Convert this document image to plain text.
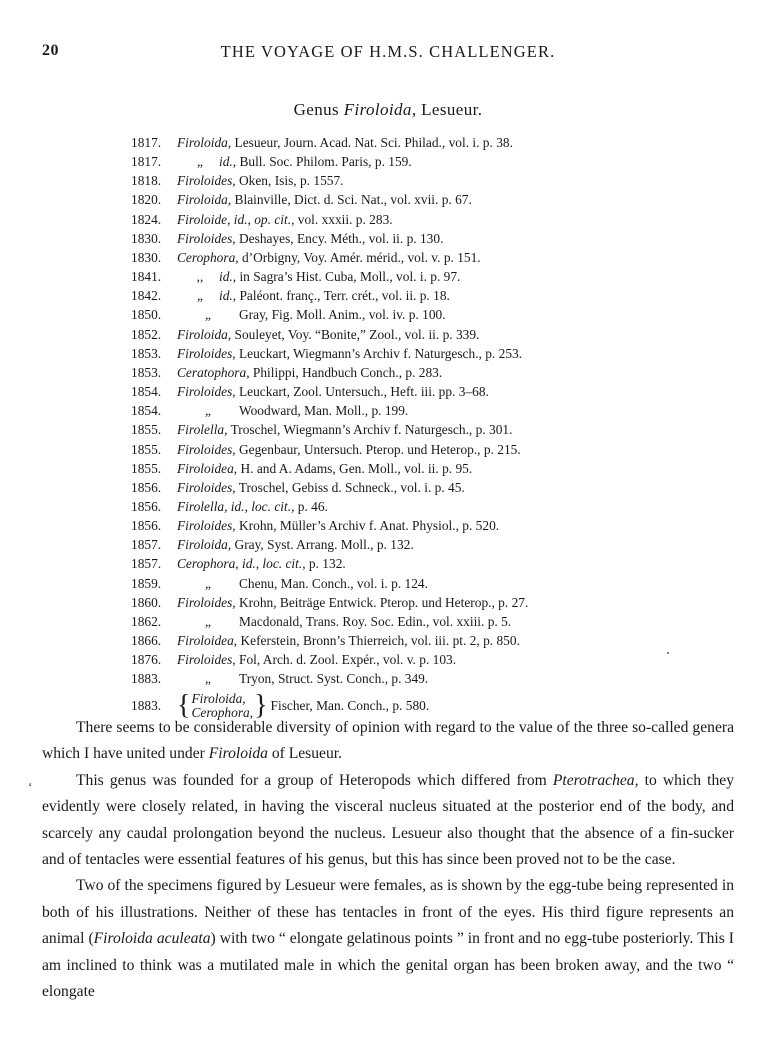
20	THE VOYAGE OF H.M.S. CHALLENGER.
Genus Firoloida, Lesueur.
1817. Firoloida, Lesueur, Journ. Acad. Nat. Sci. Philad., vol. i. p. 38.
1817.	„ id., Bull. Soc. Philom. Paris, p. 159.
1818. Firoloides, Oken, Isis, p. 1557.
1820. Firoloida, Blainville, Dict. d. Sci. Nat., vol. xvii. p. 67.
1824. Firoloide, id., op. cit., vol. xxxii. p. 283.
1830. Firoloides, Deshayes, Ency. Méth., vol. ii. p. 130.
1830. Cerophora, d’Orbigny, Voy. Amér. mérid., vol. v. p. 151.
1841.	,, id., in Sagra’s Hist. Cuba, Moll., vol. i. p. 97.
1842.	„ id., Paléont. franç., Terr. crét., vol. ii. p. 18.
1850.	„ Gray, Fig. Moll. Anim., vol. iv. p. 100.
1852. Firoloida, Souleyet, Voy. “Bonite,” Zool., vol. ii. p. 339.
1853. Firoloides, Leuckart, Wiegmann’s Archiv f. Naturgesch., p. 253.
1853. Ceratophora, Philippi, Handbuch Conch., p. 283.
1854. Firoloides, Leuckart, Zool. Untersuch., Heft. iii. pp. 3–68.
1854.	„ Woodward, Man. Moll., p. 199.
1855. Firolella, Troschel, Wiegmann’s Archiv f. Naturgesch., p. 301.
1855. Firoloides, Gegenbaur, Untersuch. Pterop. und Heterop., p. 215.
1855. Firoloidea, H. and A. Adams, Gen. Moll., vol. ii. p. 95.
1856. Firoloides, Troschel, Gebiss d. Schneck., vol. i. p. 45.
1856. Firolella, id., loc. cit., p. 46.
1856. Firoloides, Krohn, Müller’s Archiv f. Anat. Physiol., p. 520.
1857. Firoloida, Gray, Syst. Arrang. Moll., p. 132.
1857. Cerophora, id., loc. cit., p. 132.
1859.	„ Chenu, Man. Conch., vol. i. p. 124.
1860. Firoloides, Krohn, Beiträge Entwick. Pterop. und Heterop., p. 27.
1862.	„ Macdonald, Trans. Roy. Soc. Edin., vol. xxiii. p. 5.
1866. Firoloidea, Keferstein, Bronn’s Thierreich, vol. iii. pt. 2, p. 850.
1876. Firoloides, Fol, Arch. d. Zool. Expér., vol. v. p. 103.
1883.	„ Tryon, Struct. Syst. Conch., p. 349.
1883. { Firoloida,
Cerophora, } Fischer, Man. Conch., p. 580.
‘

There seems to be considerable diversity of opinion with regard to the value of the three so-called genera which I have united under Firoloida of Lesueur.

This genus was founded for a group of Heteropods which differed from Pterotrachea, to which they evidently were closely related, in having the visceral nucleus situated at the posterior end of the body, and scarcely any caudal prolongation beyond the nucleus. Lesueur also thought that the absence of a fin-sucker and of tentacles were essential features of his genus, but this has since been proved not to be the case.

Two of the specimens figured by Lesueur were females, as is shown by the egg-tube being represented in both of his illustrations. Neither of these has tentacles in front of the eyes. His third figure represents an animal (Firoloida aculeata) with two “ elongate gelatinous points ” in front and no egg-tube posteriorly. This I am inclined to think was a mutilated male in which the genital organ has been broken away, and the two “ elongate
